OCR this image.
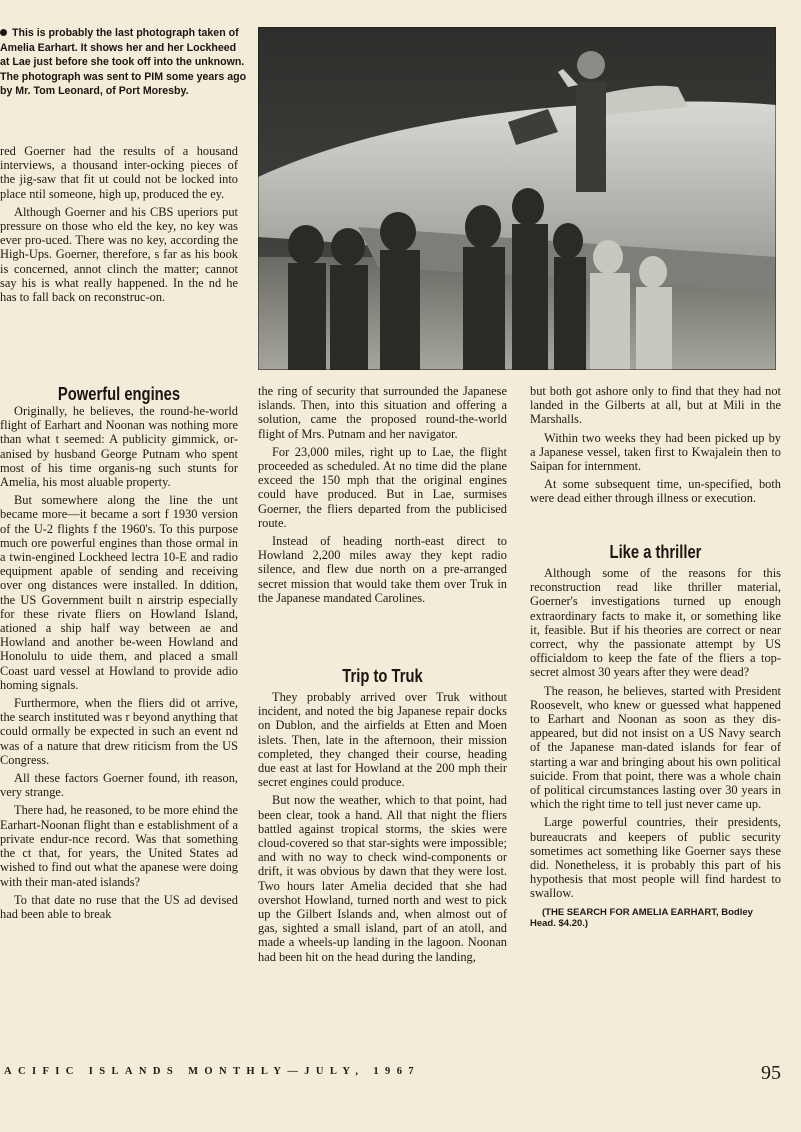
This is probably the last photograph taken of Amelia Earhart. It shows her and her Lockheed at Lae just before she took off into the unknown. The photograph was sent to PIM some years ago by Mr. Tom Leonard, of Port Moresby.

red Goerner had the results of a housand interviews, a thousand inter-ocking pieces of the jig-saw that fit ut could not be locked into place ntil someone, high up, produced the ey.

Although Goerner and his CBS uperiors put pressure on those who eld the key, no key was ever pro-uced. There was no key, according the High-Ups. Goerner, therefore, s far as his book is concerned, annot clinch the matter; cannot say his is what really happened. In the nd he has to fall back on reconstruc-on.

Powerful engines

Originally, he believes, the round-he-world flight of Earhart and Noonan was nothing more than what t seemed: A publicity gimmick, or-anised by husband George Putnam who spent most of his time organis-ng such stunts for Amelia, his most aluable property.

But somewhere along the line the unt became more—it became a sort f 1930 version of the U-2 flights f the 1960's. To this purpose much ore powerful engines than those ormal in a twin-engined Lockheed lectra 10-E and radio equipment apable of sending and receiving over ong distances were installed. In ddition, the US Government built n airstrip especially for these rivate fliers on Howland Island, ationed a ship half way between ae and Howland and another be-ween Howland and Honolulu to uide them, and placed a small Coast uard vessel at Howland to provide adio homing signals.

Furthermore, when the fliers did ot arrive, the search instituted was r beyond anything that could ormally be expected in such an event nd was of a nature that drew riticism from the US Congress.

All these factors Goerner found, ith reason, very strange.

There had, he reasoned, to be more ehind the Earhart-Noonan flight than e establishment of a private endur-nce record. Was that something the ct that, for years, the United States ad wished to find out what the apanese were doing with their man-ated islands?

To that date no ruse that the US ad devised had been able to break

the ring of security that surrounded the Japanese islands. Then, into this situation and offering a solution, came the proposed round-the-world flight of Mrs. Putnam and her navigator.

For 23,000 miles, right up to Lae, the flight proceeded as scheduled. At no time did the plane exceed the 150 mph that the original engines could have produced. But in Lae, surmises Goerner, the fliers departed from the publicised route.

Instead of heading north-east direct to Howland 2,200 miles away they kept radio silence, and flew due north on a pre-arranged secret mission that would take them over Truk in the Japanese mandated Carolines.

Trip to Truk

They probably arrived over Truk without incident, and noted the big Japanese repair docks on Dublon, and the airfields at Etten and Moen islets. Then, late in the afternoon, their mission completed, they changed their course, heading due east at last for Howland at the 200 mph their secret engines could produce.

But now the weather, which to that point, had been clear, took a hand. All that night the fliers battled against tropical storms, the skies were cloud-covered so that star-sights were impossible; and with no way to check wind-components or drift, it was obvious by dawn that they were lost. Two hours later Amelia decided that she had overshot Howland, turned north and west to pick up the Gilbert Islands and, when almost out of gas, sighted a small island, part of an atoll, and made a wheels-up landing in the lagoon. Noonan had been hit on the head during the landing,

but both got ashore only to find that they had not landed in the Gilberts at all, but at Mili in the Marshalls.

Within two weeks they had been picked up by a Japanese vessel, taken first to Kwajalein then to Saipan for internment.

At some subsequent time, un-specified, both were dead either through illness or execution.

Like a thriller

Although some of the reasons for this reconstruction read like thriller material, Goerner's investigations turned up enough extraordinary facts to make it, or something like it, feasible. But if his theories are correct or near correct, why the passionate attempt by US officialdom to keep the fate of the fliers a top-secret almost 30 years after they were dead?

The reason, he believes, started with President Roosevelt, who knew or guessed what happened to Earhart and Noonan as soon as they dis-appeared, but did not insist on a US Navy search of the Japanese man-dated islands for fear of starting a war and bringing about his own political suicide. From that point, there was a whole chain of political circumstances lasting over 30 years in which the right time to tell just never came up.

Large powerful countries, their presidents, bureaucrats and keepers of public security sometimes act something like Goerner says these did. Nonetheless, it is probably this part of his hypothesis that most people will find hardest to swallow.

(THE SEARCH FOR AMELIA EARHART, Bodley Head. $4.20.)
ACIFIC ISLANDS MONTHLY—JULY, 1967	95
